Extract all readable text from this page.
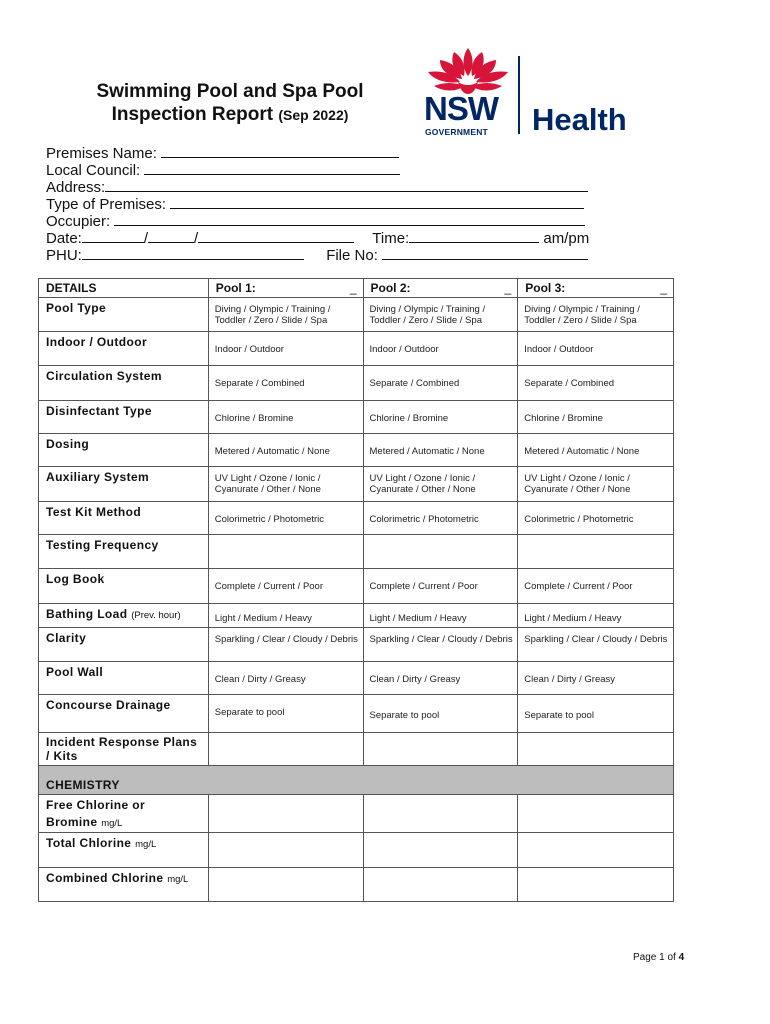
Swimming Pool and Spa Pool
Inspection Report (Sep 2022)	NSW
GOVERNMENT Health
Premises Name:
Local Council:
Address:
Type of Premises:
Occupier:
Date:	/	/	Time:	am/pm
PHU:	File No:
DETAILS	Pool 1: _	Pool 2: _	Pool 3: _

Pool Type	Diving / Olympic / Training / Toddler / Zero / Slide / Spa	Diving / Olympic / Training / Toddler / Zero / Slide / Spa	Diving / Olympic / Training / Toddler / Zero / Slide / Spa
Indoor / Outdoor	Indoor / Outdoor	Indoor / Outdoor	Indoor / Outdoor
Circulation System	Separate / Combined	Separate / Combined	Separate / Combined
Disinfectant Type	Chlorine / Bromine	Chlorine / Bromine	Chlorine / Bromine
Dosing	Metered / Automatic / None	Metered / Automatic / None	Metered / Automatic / None
Auxiliary System	UV Light / Ozone / Ionic / Cyanurate / Other / None	UV Light / Ozone / Ionic / Cyanurate / Other / None	UV Light / Ozone / Ionic / Cyanurate / Other / None
Test Kit Method	Colorimetric / Photometric	Colorimetric / Photometric	Colorimetric / Photometric
Testing Frequency			
Log Book	Complete / Current / Poor	Complete / Current / Poor	Complete / Current / Poor
Bathing Load (Prev. hour)	Light / Medium / Heavy	Light / Medium / Heavy	Light / Medium / Heavy
Clarity	Sparkling / Clear / Cloudy / Debris	Sparkling / Clear / Cloudy / Debris	Sparkling / Clear / Cloudy / Debris
Pool Wall	Clean / Dirty / Greasy	Clean / Dirty / Greasy	Clean / Dirty / Greasy
Concourse Drainage	Separate to pool	Separate to pool	Separate to pool
Incident Response Plans / Kits			
CHEMISTRY			

Free Chlorine or
Bromine mg/L			

Total Chlorine mg/L			
Combined Chlorine mg/L			
Page 1 of 4
